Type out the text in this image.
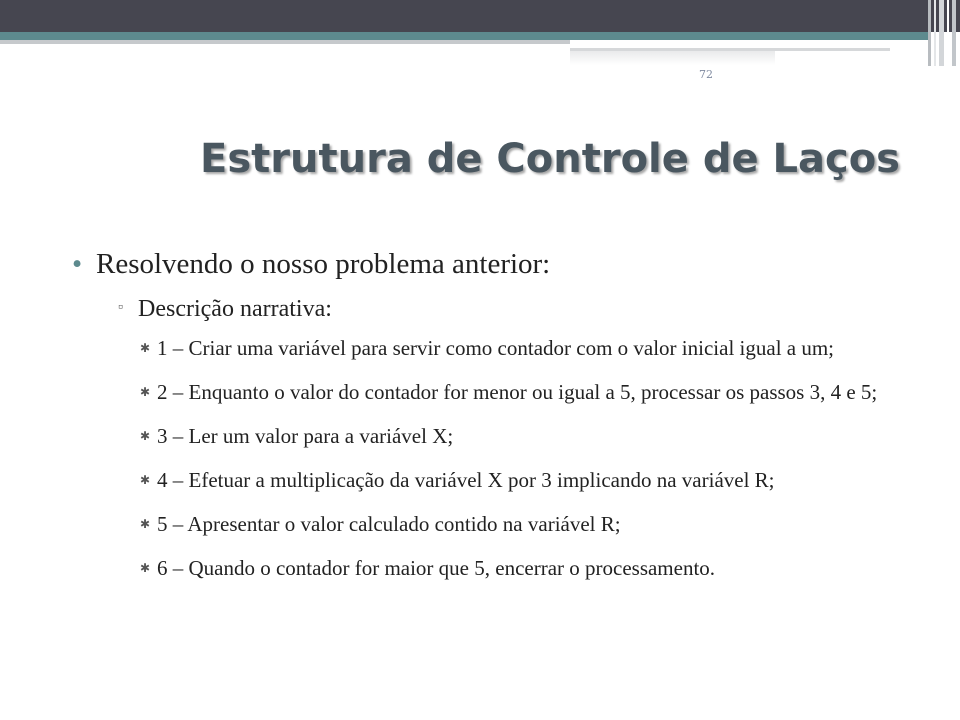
72
Estrutura de Controle de Laços
• Resolvendo o nosso problema anterior:
▫ Descrição narrativa:
✱ 1 – Criar uma variável para servir como contador com o valor inicial igual a um;
✱ 2 – Enquanto o valor do contador for menor ou igual a 5, processar os passos 3, 4 e 5;
✱ 3 – Ler um valor para a variável X;
✱ 4 – Efetuar a multiplicação da variável X por 3 implicando na variável R;
✱ 5 – Apresentar o valor calculado contido na variável R;
✱ 6 – Quando o contador for maior que 5, encerrar o processamento.
